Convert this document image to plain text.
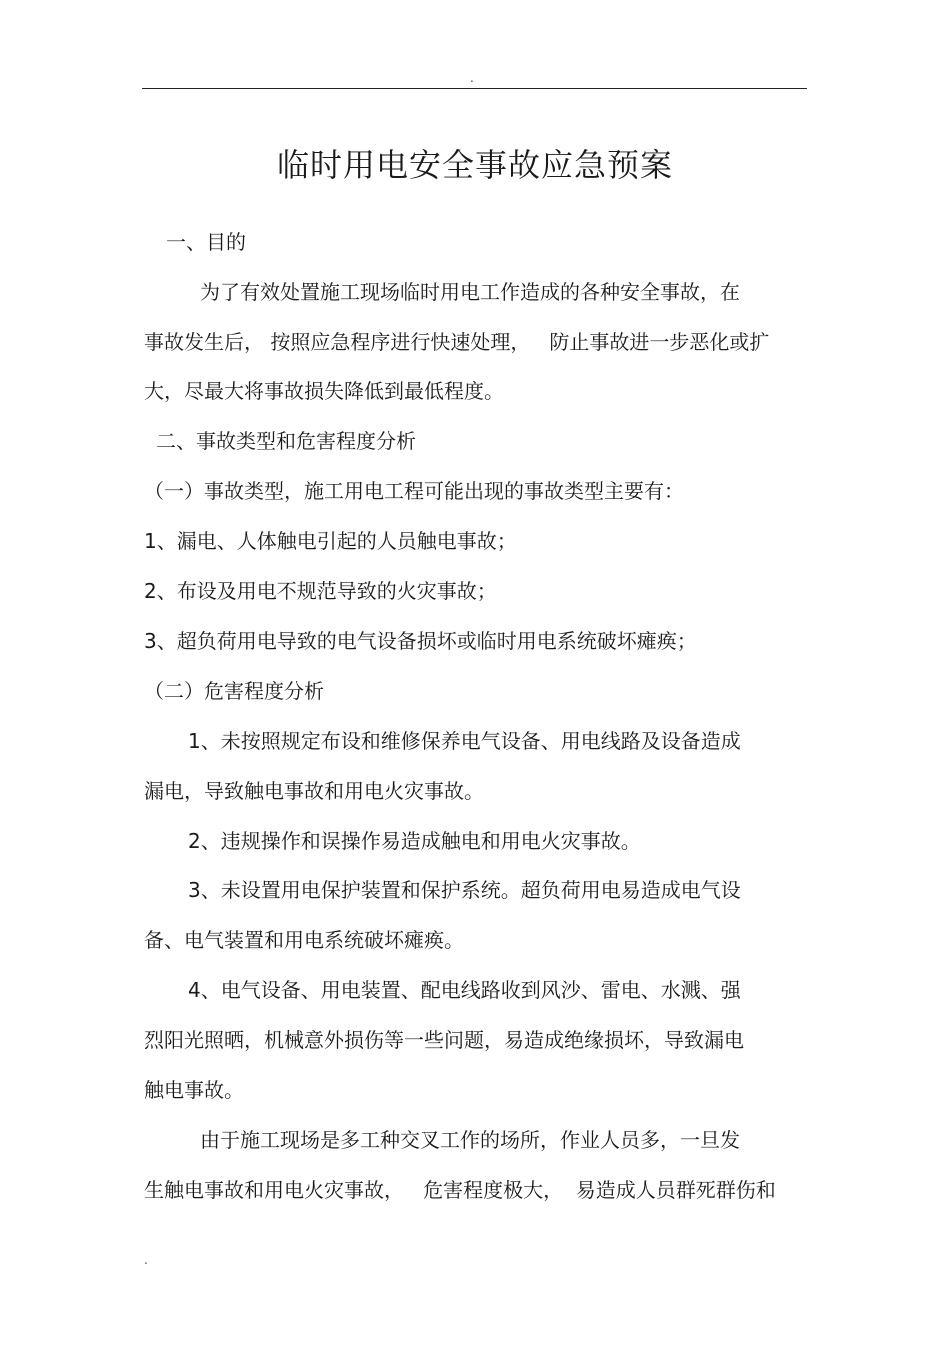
.
临时用电安全事故应急预案
一、目的
为了有效处置施工现场临时用电工作造成的各种安全事故，在
事故发生后， 按照应急程序进行快速处理，   防止事故进一步恶化或扩
大，尽最大将事故损失降低到最低程度。
二、事故类型和危害程度分析
（一）事故类型，施工用电工程可能出现的事故类型主要有：
1、漏电、人体触电引起的人员触电事故；
2、布设及用电不规范导致的火灾事故；
3、超负荷用电导致的电气设备损坏或临时用电系统破坏瘫痪；
（二）危害程度分析
1、未按照规定布设和维修保养电气设备、用电线路及设备造成
漏电，导致触电事故和用电火灾事故。
2、违规操作和误操作易造成触电和用电火灾事故。
3、未设置用电保护装置和保护系统。超负荷用电易造成电气设
备、电气装置和用电系统破坏瘫痪。
4、电气设备、用电装置、配电线路收到风沙、雷电、水溅、强
烈阳光照晒，机械意外损伤等一些问题，易造成绝缘损坏，导致漏电
触电事故。
由于施工现场是多工种交叉工作的场所，作业人员多，一旦发
生触电事故和用电火灾事故，   危害程度极大，  易造成人员群死群伤和
.
